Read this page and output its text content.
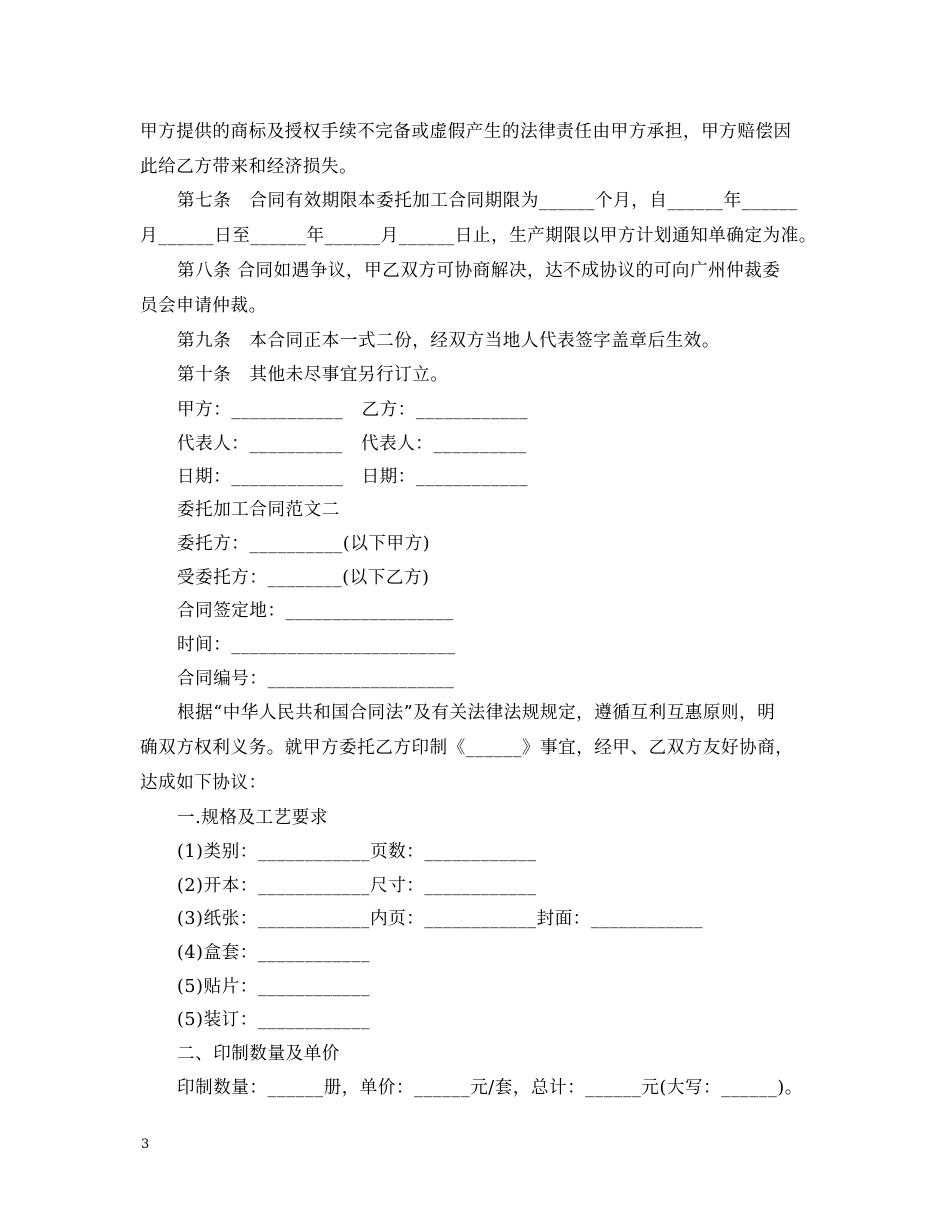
甲方提供的商标及授权手续不完备或虚假产生的法律责任由甲方承担，甲方赔偿因
此给乙方带来和经济损失。
第七条　合同有效期限本委托加工合同期限为______个月，自______年______
月______日至______年______月______日止，生产期限以甲方计划通知单确定为准。
第八条 合同如遇争议，甲乙双方可协商解决，达不成协议的可向广州仲裁委
员会申请仲裁。
第九条　本合同正本一式二份，经双方当地人代表签字盖章后生效。
第十条　其他未尽事宜另行订立。
甲方：____________　乙方：____________
代表人：__________　代表人：__________
日期：____________　日期：____________
委托加工合同范文二
委托方：__________(以下甲方)
受委托方：________(以下乙方)
合同签定地：__________________
时间：________________________
合同编号：____________________
根据“中华人民共和国合同法”及有关法律法规规定，遵循互利互惠原则，明
确双方权利义务。就甲方委托乙方印制《______》事宜，经甲、乙双方友好协商，
达成如下协议：
一.规格及工艺要求
(1)类别：____________页数：____________
(2)开本：____________尺寸：____________
(3)纸张：____________内页：____________封面：____________
(4)盒套：____________
(5)贴片：____________
(5)装订：____________
二、印制数量及单价
印制数量：______册，单价：______元/套，总计：______元(大写：______)。
3
